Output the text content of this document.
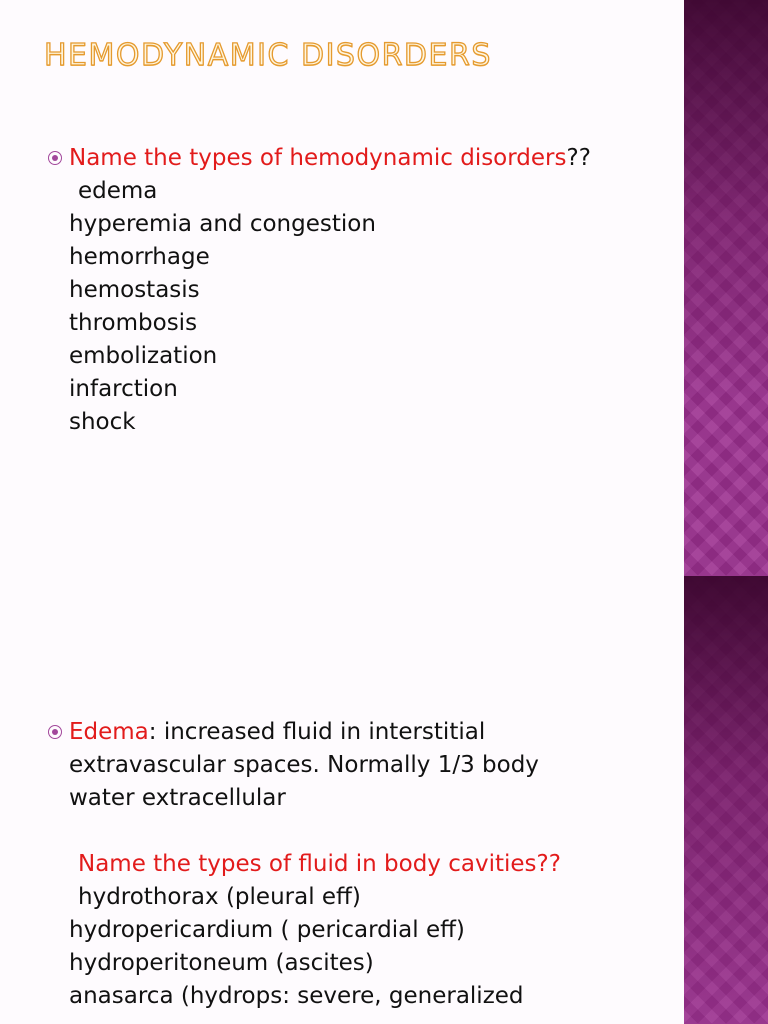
HEMODYNAMIC DISORDERS
Name the types of hemodynamic disorders??
edema
hyperemia and congestion
hemorrhage
hemostasis
thrombosis
embolization
infarction
shock
Edema: increased fluid in interstitial
extravascular spaces. Normally 1/3 body
water extracellular
Name the types of fluid in body cavities??
hydrothorax (pleural eff)
hydropericardium ( pericardial eff)
hydroperitoneum (ascites)
anasarca (hydrops: severe, generalized
